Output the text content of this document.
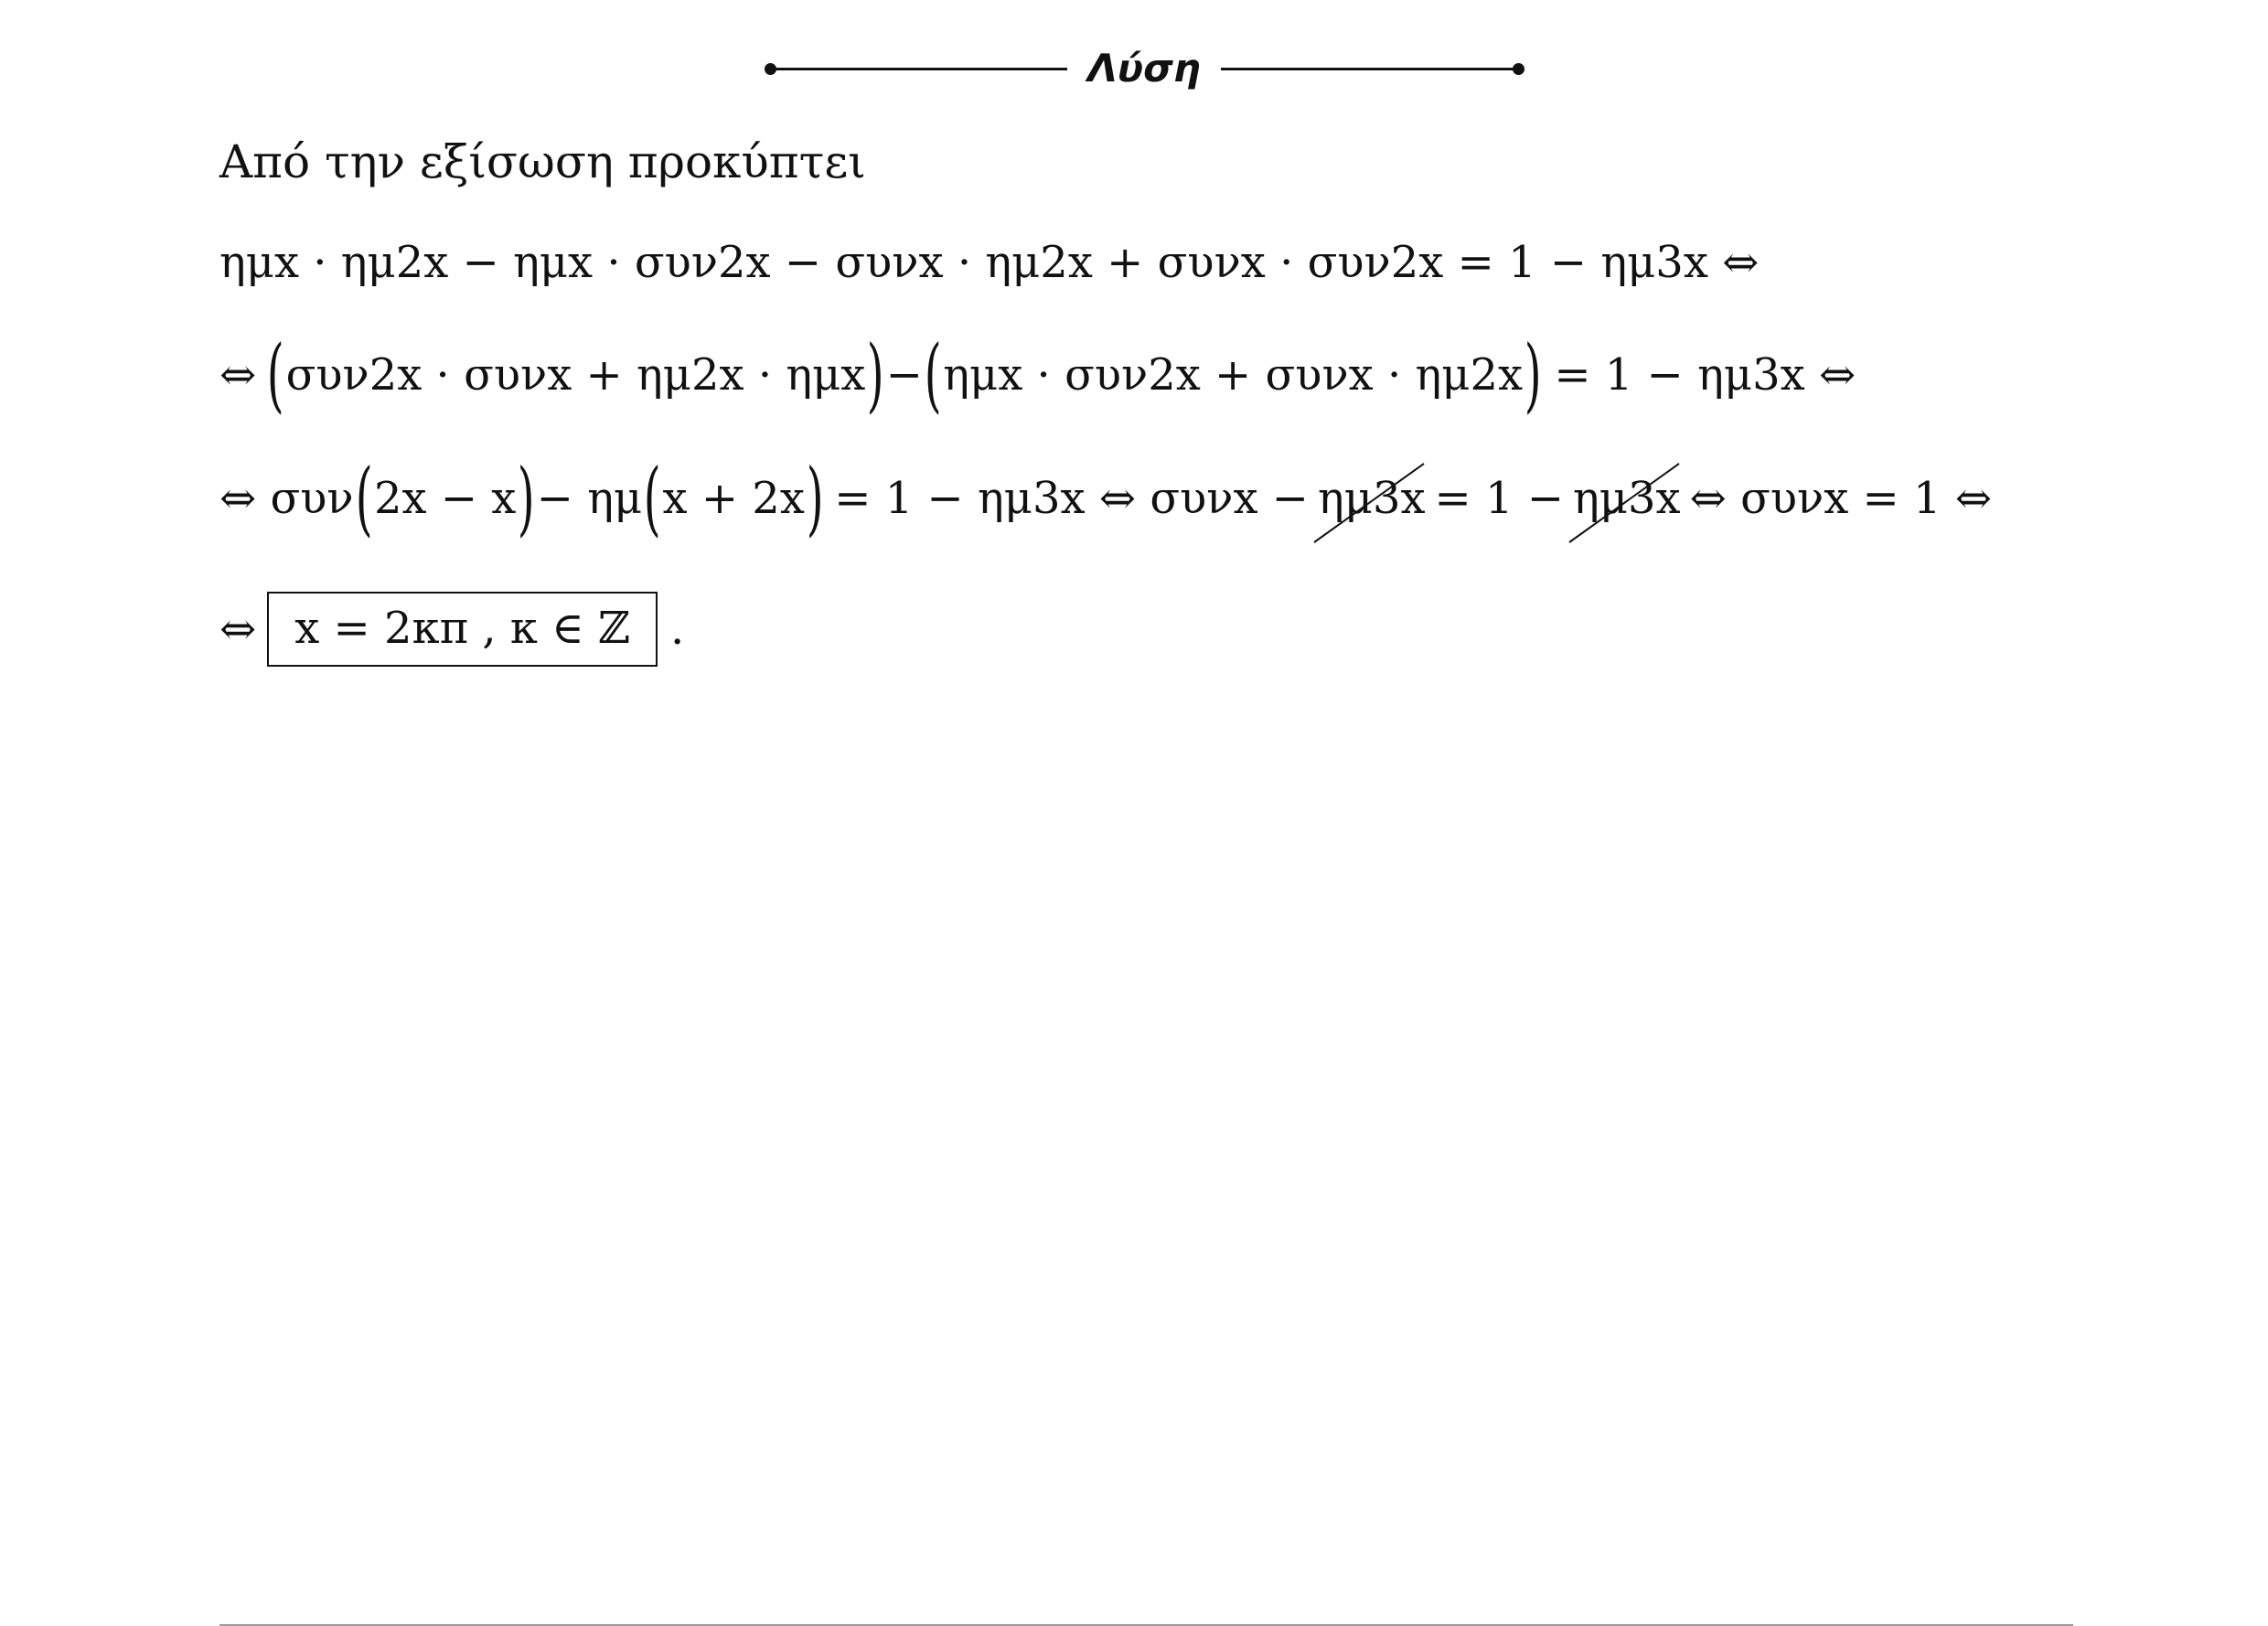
Λύση
Από την εξίσωση προκύπτει
ημx · ημ2x − ημx · συν2x − συνx · ημ2x + συνx · συν2x = 1 − ημ3x ⇔
⇔ ( συν2x · συνx + ημ2x · ημx ) − ( ημx · συν2x + συνx · ημ2x ) = 1 − ημ3x ⇔
⇔ συν ( 2x − x ) − ημ ( x + 2x ) = 1 − ημ3x ⇔ συνx − ημ3x = 1 − ημ3x ⇔ συνx = 1 ⇔
⇔ x = 2κπ , κ ∈ ℤ .
